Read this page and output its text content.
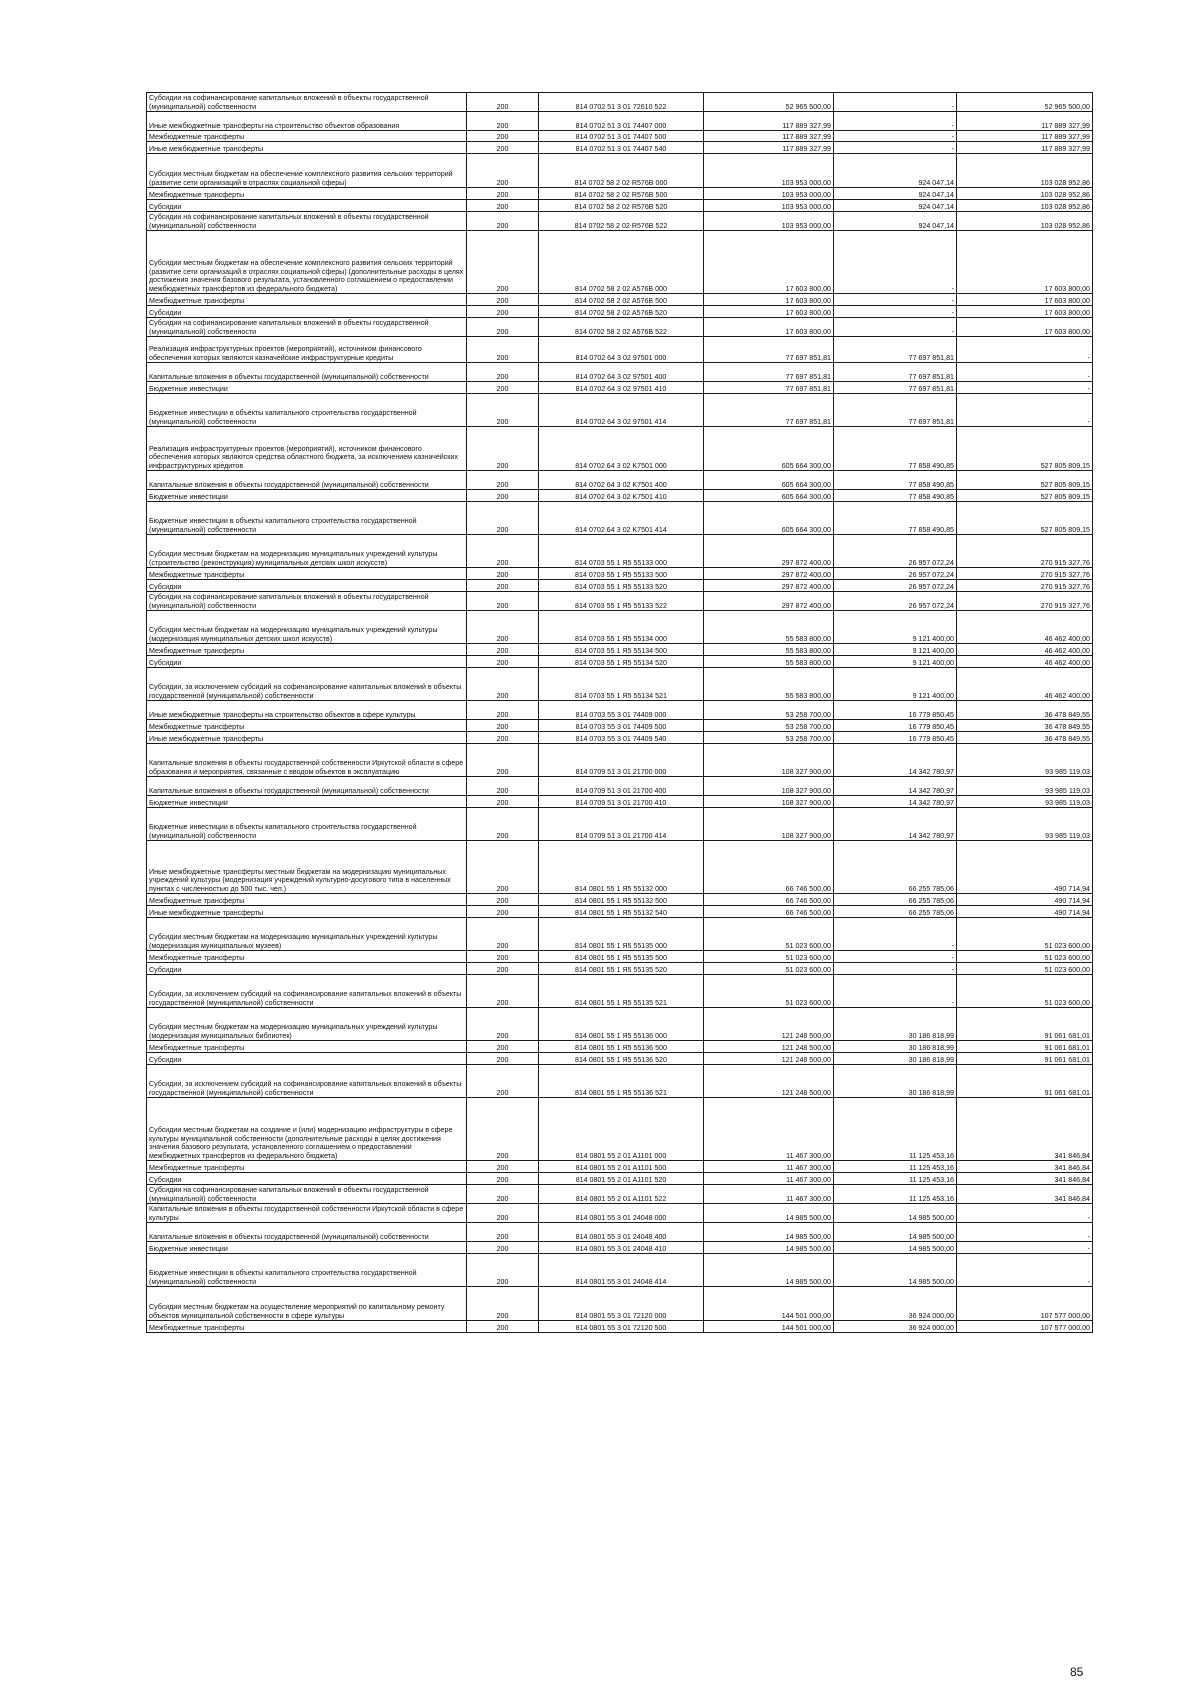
Субсидии на софинансирование капитальных вложений в объекты государственной (муниципальной) собственности	200	814 0702 51 3 01 72610 522	52 965 500,00	-	52 965 500,00
Иные межбюджетные трансферты на строительство объектов образования	200	814 0702 51 3 01 74407 000	117 889 327,99	-	117 889 327,99
Межбюджетные трансферты	200	814 0702 51 3 01 74407 500	117 889 327,99	-	117 889 327,99
Иные межбюджетные трансферты	200	814 0702 51 3 01 74407 540	117 889 327,99	-	117 889 327,99
Субсидии местным бюджетам на обеспечение комплексного развития сельских территорий (развитие сети организаций в отраслях социальной сферы)	200	814 0702 58 2 02 R576B 000	103 953 000,00	924 047,14	103 028 952,86
Межбюджетные трансферты	200	814 0702 58 2 02 R576B 500	103 953 000,00	924 047,14	103 028 952,86
Субсидии	200	814 0702 58 2 02 R576B 520	103 953 000,00	924 047,14	103 028 952,86
Субсидии на софинансирование капитальных вложений в объекты государственной (муниципальной) собственности	200	814 0702 58 2 02 R576B 522	103 953 000,00	924 047,14	103 028 952,86
Субсидии местным бюджетам на обеспечение комплексного развития сельских территорий (развитие сети организаций в отраслях социальной сферы) (дополнительные расходы в целях достижения значения базового результата, установленного соглашением о предоставлении межбюджетных трансфертов из федерального бюджета)	200	814 0702 58 2 02 A576B 000	17 603 800,00	-	17 603 800,00
Межбюджетные трансферты	200	814 0702 58 2 02 A576B 500	17 603 800,00	-	17 603 800,00
Субсидии	200	814 0702 58 2 02 A576B 520	17 603 800,00	-	17 603 800,00
Субсидии на софинансирование капитальных вложений в объекты государственной (муниципальной) собственности	200	814 0702 58 2 02 A576B 522	17 603 800,00	-	17 603 800,00
Реализация инфраструктурных проектов (мероприятий), источником финансового обеспечения которых являются казначейские инфраструктурные кредиты	200	814 0702 64 3 02 97501 000	77 697 851,81	77 697 851,81	-
Капитальные вложения в объекты государственной (муниципальной) собственности	200	814 0702 64 3 02 97501 400	77 697 851,81	77 697 851,81	-
Бюджетные инвестиции	200	814 0702 64 3 02 97501 410	77 697 851,81	77 697 851,81	-
Бюджетные инвестиции в объекты капитального строительства государственной (муниципальной) собственности	200	814 0702 64 3 02 97501 414	77 697 851,81	77 697 851,81	-
Реализация инфраструктурных проектов (мероприятий), источником финансового обеспечения которых являются средства областного бюджета, за исключением казначейских инфраструктурных кредитов	200	814 0702 64 3 02 K7501 000	605 664 300,00	77 858 490,85	527 805 809,15
Капитальные вложения в объекты государственной (муниципальной) собственности	200	814 0702 64 3 02 K7501 400	605 664 300,00	77 858 490,85	527 805 809,15
Бюджетные инвестиции	200	814 0702 64 3 02 K7501 410	605 664 300,00	77 858 490,85	527 805 809,15
Бюджетные инвестиции в объекты капитального строительства государственной (муниципальной) собственности	200	814 0702 64 3 02 K7501 414	605 664 300,00	77 858 490,85	527 805 809,15
Субсидии местным бюджетам на модернизацию муниципальных учреждений культуры (строительство (реконструкция) муниципальных детских школ искусств)	200	814 0703 55 1 Я5 55133 000	297 872 400,00	26 957 072,24	270 915 327,76
Межбюджетные трансферты	200	814 0703 55 1 Я5 55133 500	297 872 400,00	26 957 072,24	270 915 327,76
Субсидии	200	814 0703 55 1 Я5 55133 520	297 872 400,00	26 957 072,24	270 915 327,76
Субсидии на софинансирование капитальных вложений в объекты государственной (муниципальной) собственности	200	814 0703 55 1 Я5 55133 522	297 872 400,00	26 957 072,24	270 915 327,76
Субсидии местным бюджетам на модернизацию муниципальных учреждений культуры (модернизация муниципальных детских школ искусств)	200	814 0703 55 1 Я5 55134 000	55 583 800,00	9 121 400,00	46 462 400,00
Межбюджетные трансферты	200	814 0703 55 1 Я5 55134 500	55 583 800,00	9 121 400,00	46 462 400,00
Субсидии	200	814 0703 55 1 Я5 55134 520	55 583 800,00	9 121 400,00	46 462 400,00
Субсидии, за исключением субсидий на софинансирование капитальных вложений в объекты государственной (муниципальной) собственности	200	814 0703 55 1 Я5 55134 521	55 583 800,00	9 121 400,00	46 462 400,00
Иные межбюджетные трансферты на строительство объектов в сфере культуры	200	814 0703 55 3 01 74409 000	53 258 700,00	16 779 850,45	36 478 849,55
Межбюджетные трансферты	200	814 0703 55 3 01 74409 500	53 258 700,00	16 779 850,45	36 478 849,55
Иные межбюджетные трансферты	200	814 0703 55 3 01 74409 540	53 258 700,00	16 779 850,45	36 478 849,55
Капитальные вложения в объекты государственной собственности Иркутской области в сфере образования и мероприятия, связанные с вводом объектов в эксплуатацию	200	814 0709 51 3 01 21700 000	108 327 900,00	14 342 780,97	93 985 119,03
Капитальные вложения в объекты государственной (муниципальной) собственности	200	814 0709 51 3 01 21700 400	108 327 900,00	14 342 780,97	93 985 119,03
Бюджетные инвестиции	200	814 0709 51 3 01 21700 410	108 327 900,00	14 342 780,97	93 985 119,03
Бюджетные инвестиции в объекты капитального строительства государственной (муниципальной) собственности	200	814 0709 51 3 01 21700 414	108 327 900,00	14 342 780,97	93 985 119,03
Иные межбюджетные трансферты местным бюджетам на модернизацию муниципальных учреждений культуры (модернизация учреждений культурно-досугового типа в населенных пунктах с численностью до 500 тыс. чел.)	200	814 0801 55 1 Я5 55132 000	66 746 500,00	66 255 785,06	490 714,94
Межбюджетные трансферты	200	814 0801 55 1 Я5 55132 500	66 746 500,00	66 255 785,06	490 714,94
Иные межбюджетные трансферты	200	814 0801 55 1 Я5 55132 540	66 746 500,00	66 255 785,06	490 714,94
Субсидии местным бюджетам на модернизацию муниципальных учреждений культуры (модернизация муниципальных музеев)	200	814 0801 55 1 Я5 55135 000	51 023 600,00	-	51 023 600,00
Межбюджетные трансферты	200	814 0801 55 1 Я5 55135 500	51 023 600,00	-	51 023 600,00
Субсидии	200	814 0801 55 1 Я5 55135 520	51 023 600,00	-	51 023 600,00
Субсидии, за исключением субсидий на софинансирование капитальных вложений в объекты государственной (муниципальной) собственности	200	814 0801 55 1 Я5 55135 521	51 023 600,00	-	51 023 600,00
Субсидии местным бюджетам на модернизацию муниципальных учреждений культуры (модернизация муниципальных библиотек)	200	814 0801 55 1 Я5 55136 000	121 248 500,00	30 186 818,99	91 061 681,01
Межбюджетные трансферты	200	814 0801 55 1 Я5 55136 500	121 248 500,00	30 186 818,99	91 061 681,01
Субсидии	200	814 0801 55 1 Я5 55136 520	121 248 500,00	30 186 818,99	91 061 681,01
Субсидии, за исключением субсидий на софинансирование капитальных вложений в объекты государственной (муниципальной) собственности	200	814 0801 55 1 Я5 55136 521	121 248 500,00	30 186 818,99	91 061 681,01
Субсидии местным бюджетам на создание и (или) модернизацию инфраструктуры в сфере культуры муниципальной собственности (дополнительные расходы в целях достижения значения базового результата, установленного соглашением о предоставлении межбюджетных трансфертов из федерального бюджета)	200	814 0801 55 2 01 A1101 000	11 467 300,00	11 125 453,16	341 846,84
Межбюджетные трансферты	200	814 0801 55 2 01 A1101 500	11 467 300,00	11 125 453,16	341 846,84
Субсидии	200	814 0801 55 2 01 A1101 520	11 467 300,00	11 125 453,16	341 846,84
Субсидии на софинансирование капитальных вложений в объекты государственной (муниципальной) собственности	200	814 0801 55 2 01 A1101 522	11 467 300,00	11 125 453,16	341 846,84
Капитальные вложения в объекты государственной собственности Иркутской области в сфере культуры	200	814 0801 55 3 01 24048 000	14 985 500,00	14 985 500,00	-
Капитальные вложения в объекты государственной (муниципальной) собственности	200	814 0801 55 3 01 24048 400	14 985 500,00	14 985 500,00	-
Бюджетные инвестиции	200	814 0801 55 3 01 24048 410	14 985 500,00	14 985 500,00	-
Бюджетные инвестиции в объекты капитального строительства государственной (муниципальной) собственности	200	814 0801 55 3 01 24048 414	14 985 500,00	14 985 500,00	-
Субсидии местным бюджетам на осуществление мероприятий по капитальному ремонту объектов муниципальной собственности в сфере культуры	200	814 0801 55 3 01 72120 000	144 501 000,00	36 924 000,00	107 577 000,00
Межбюджетные трансферты	200	814 0801 55 3 01 72120 500	144 501 000,00	36 924 000,00	107 577 000,00
85
